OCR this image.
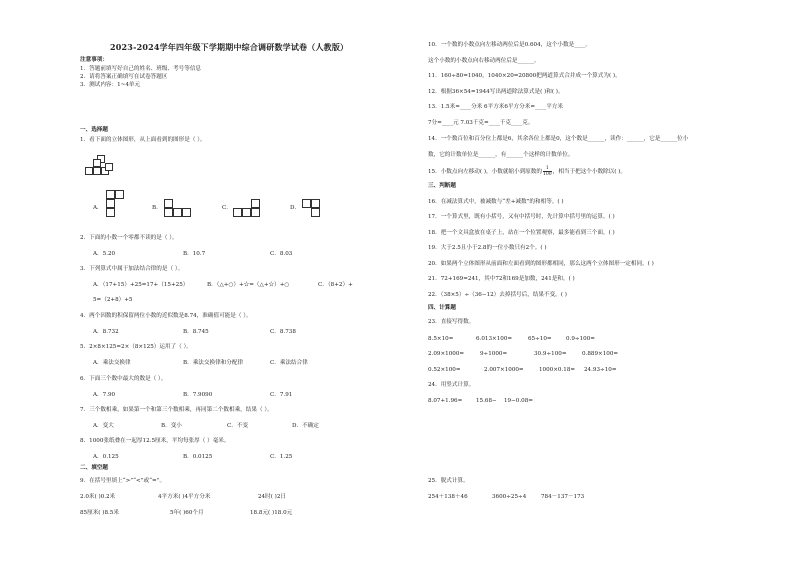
2023-2024学年四年级下学期期中综合调研数学试卷（人教版）
注意事项：
1．答题前填写好自己的姓名、班级、考号等信息
2．请将答案正确填写在试卷答题区
3．测试内容：1~4单元
一、选择题
1．看下面的立体图形，从上面看到的图形是（ ）。
A．	B．	C．	D．
2．下面的小数一个零都不读的是（ ）。
A．5.20	B．10.7	C．8.03
3．下列算式中属于加法结合律的是（ ）。
A．（17+15）+25=17+（15+25）	B．（△+○）+☆=（△+☆）+○	C．（8+2）+
5=（2+8）+5
4．两个因数的积保留两位小数的近似数是8.74，准确值可能是（ ）。
A．8.732	B．8.745	C．8.738
5．2×8×125=2×（8×125）运用了（ ）。
A．乘法交换律	B．乘法交换律和分配律	C．乘法结合律
6．下面三个数中最大的数是（ ）。
A．7.90	B．7.9090	C．7.91
7．三个数相乘，如果第一个和第三个数相乘，再同第二个数相乘，结果（ ）。
A．变大	B．变小	C．不变	D．不确定
8．1000张纸叠在一起厚12.5厘米，平均每张厚（ ）毫米。
A．0.125	B．0.0125	C．1.25
二、填空题
9．在括号里填上“>”“<”或“=”。
2.0米( )0.2米	4平方米( )4平方分米	24时( )2日
85厘米( )8.5米	5年( )60个月	18.8元( )18.0元
10．一个数的小数点向左移动两位后是0.604，这个小数是____。
这个小数的小数点向右移动两位后是______。
11．160÷80=1040，1040×20=20800把两道算式合并成一个算式为( )。
12．根据36×54=1944写出两道除法算式是( )和( )。
13．1.5米=____分米 6平方米6平方分米=____平方米
7分=____元 7.03千克=____千克____克。
14．一个数百位和百分位上都是6，其余各位上都是0，这个数是______，读作：______，它是______位小
数，它的计数单位是______，有______个这样的计数单位。
15．小数点向左移动( )，小数就缩小到原数的 $\frac{1}{100}$ ，相当于把这个小数除以( )。
三、判断题
16．在减法算式中，被减数与“差+减数”的和相等。( )
17．一个算式里，既有小括号，又有中括号时，先计算中括号里的运算。( )
18．把一个文具盒放在桌子上，站在一个位置观察，最多能看到三个面。( )
19．大于2.5且小于2.8的一位小数只有2个。( )
20．如果两个立体图形从前面和左面看到的图形都相同，那么这两个立体图形一定相同。( )
21．72+169=241，其中72和169是加数，241是和。( )
22．（38×5）÷（36−12）去掉括号后，结果不变。( )
四、计算题
23．直接写得数。
8.5×10=	6.013×100=	65÷10=	0.9÷100=
2.09×1000=	9÷1000=	30.9÷100=	0.889×100=
0.52×100=	2.007×1000=	1000×0.18= 24.93÷10=
24．用竖式计算。
8.07+1.96= 15.68− 19−0.08=
25．脱式计算。
254＋138＋46	3600÷25÷4	784－137－173
